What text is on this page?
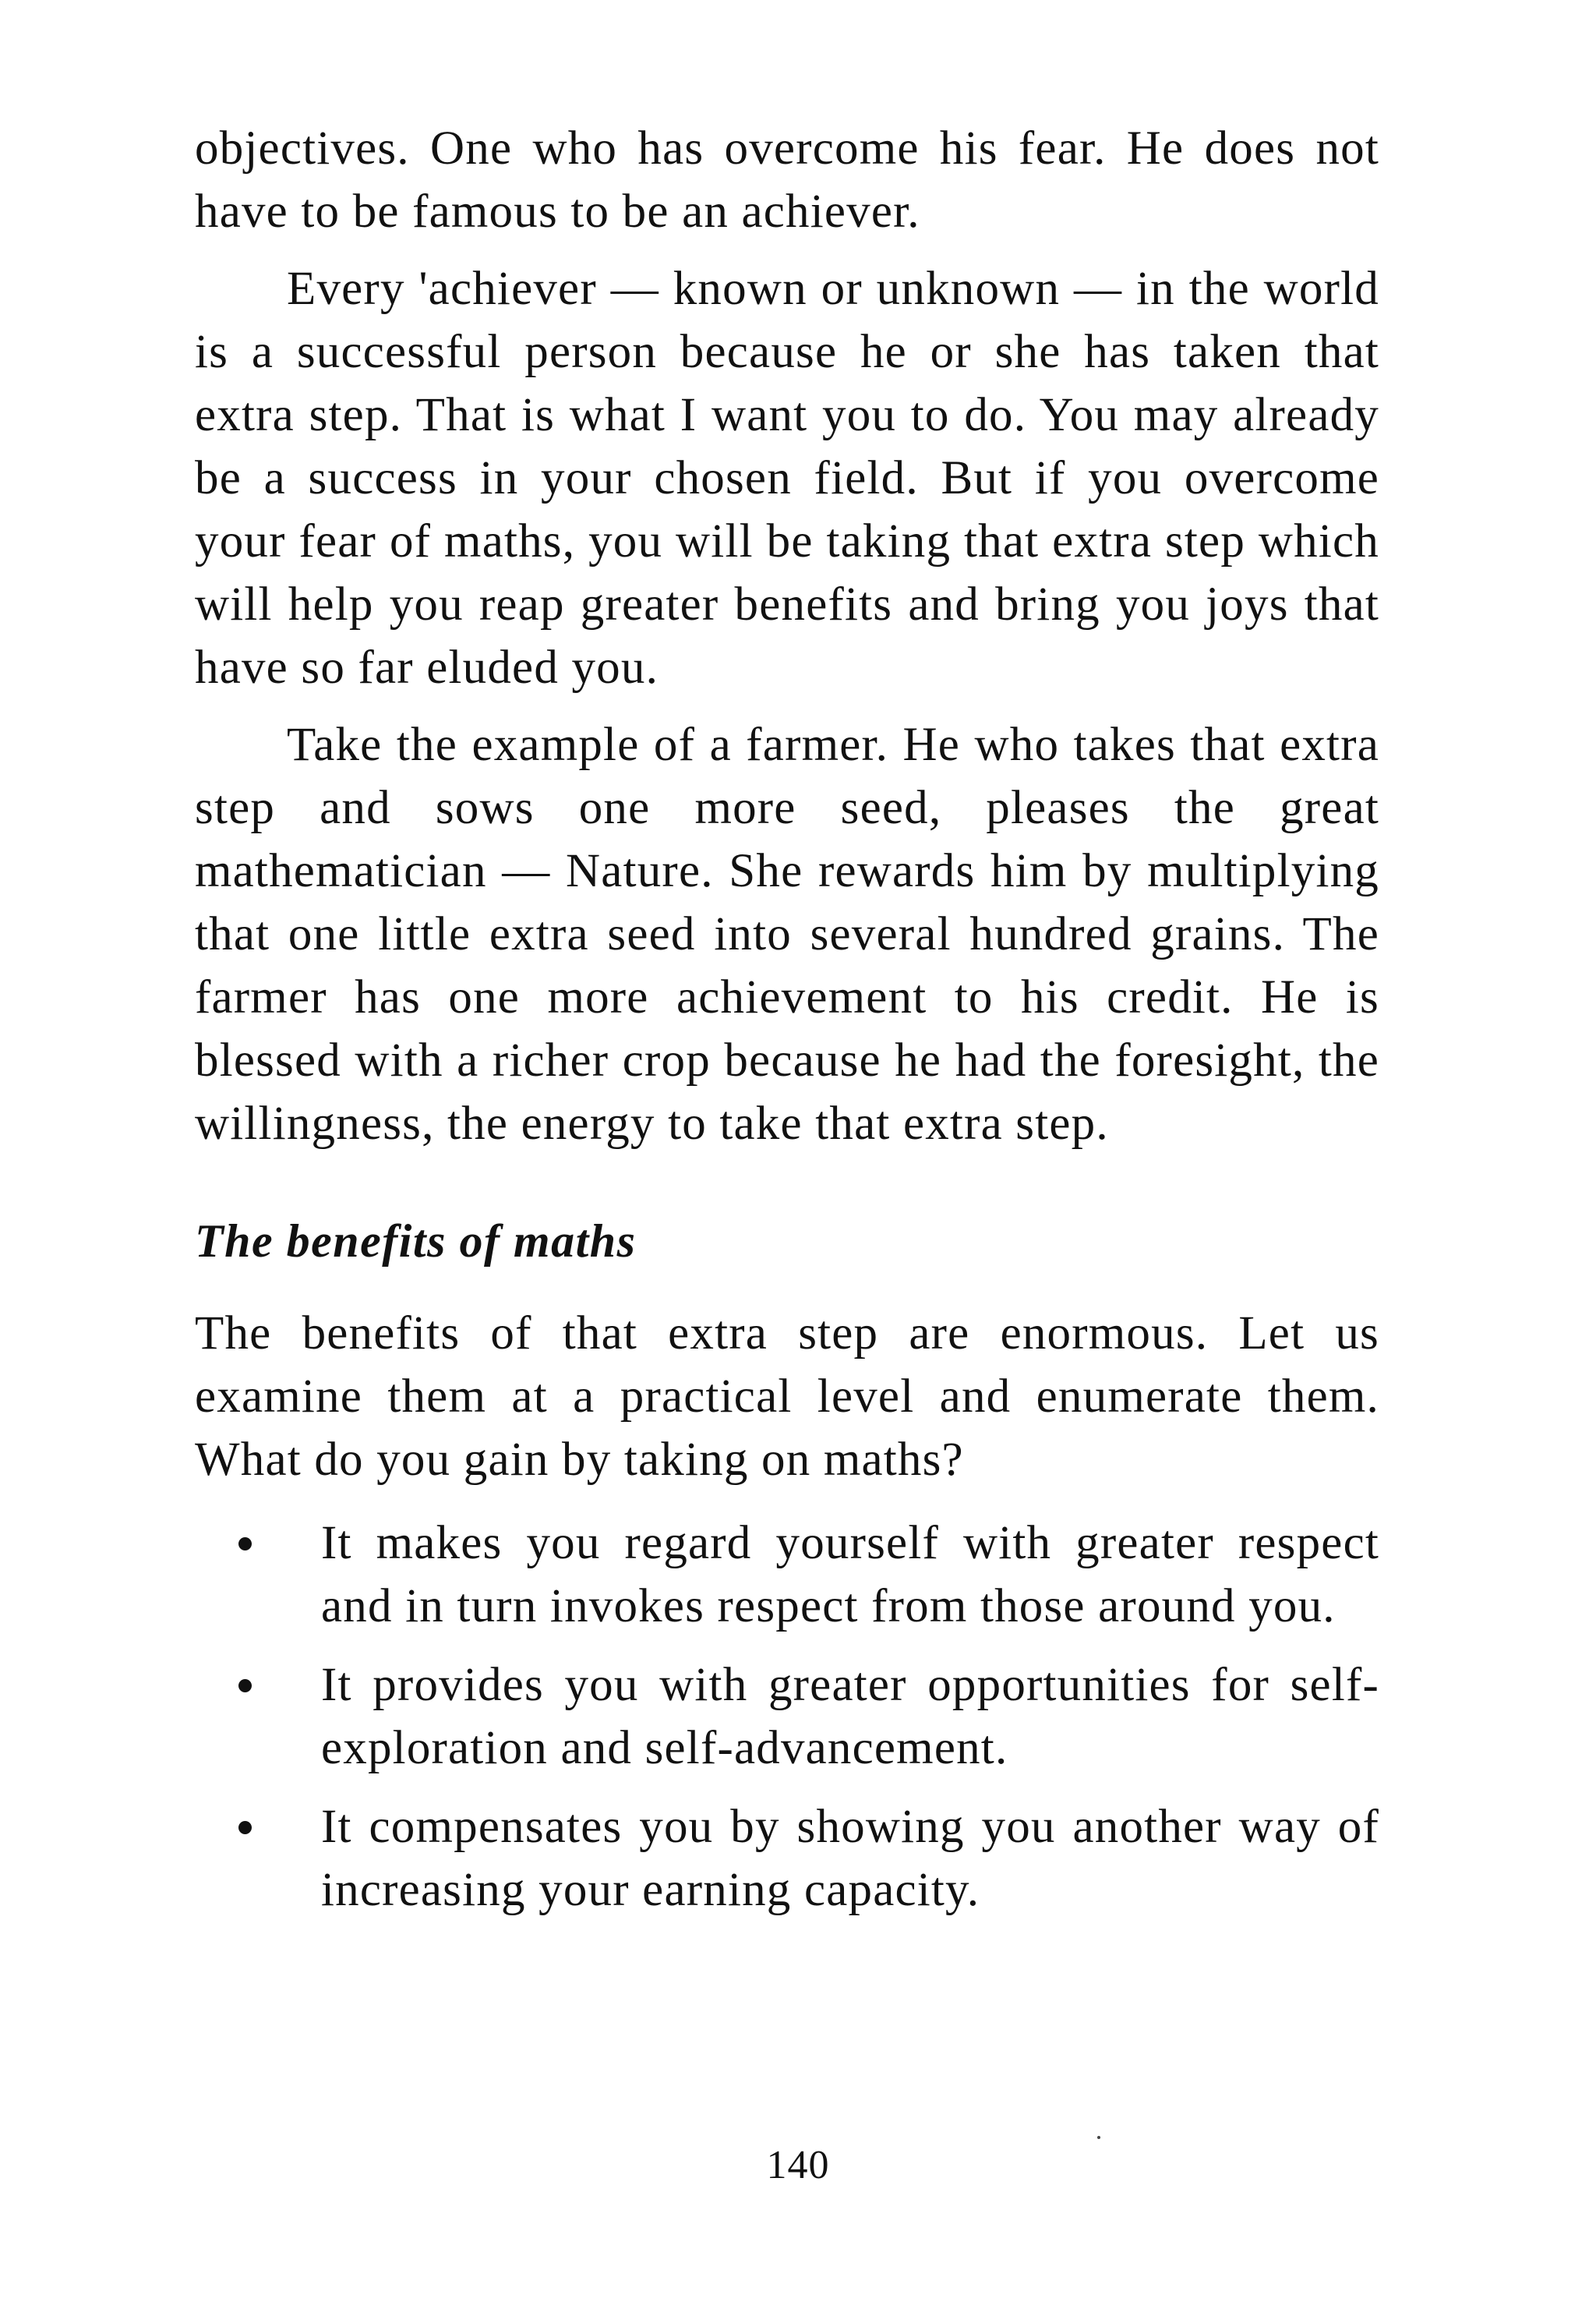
objectives. One who has overcome his fear. He does not have to be famous to be an achiever.

Every 'achiever — known or unknown — in the world is a successful person because he or she has taken that extra step. That is what I want you to do. You may already be a success in your chosen field. But if you overcome your fear of maths, you will be taking that extra step which will help you reap greater benefits and bring you joys that have so far eluded you.

Take the example of a farmer. He who takes that extra step and sows one more seed, pleases the great mathematician — Nature. She rewards him by multiplying that one little extra seed into several hundred grains. The farmer has one more achievement to his credit. He is blessed with a richer crop because he had the foresight, the willingness, the energy to take that extra step.

The benefits of maths

The benefits of that extra step are enormous. Let us examine them at a practical level and enumerate them. What do you gain by taking on maths?

It makes you regard yourself with greater respect and in turn invokes respect from those around you.
It provides you with greater opportunities for self-exploration and self-advancement.
It compensates you by showing you another way of increasing your earning capacity.
140
